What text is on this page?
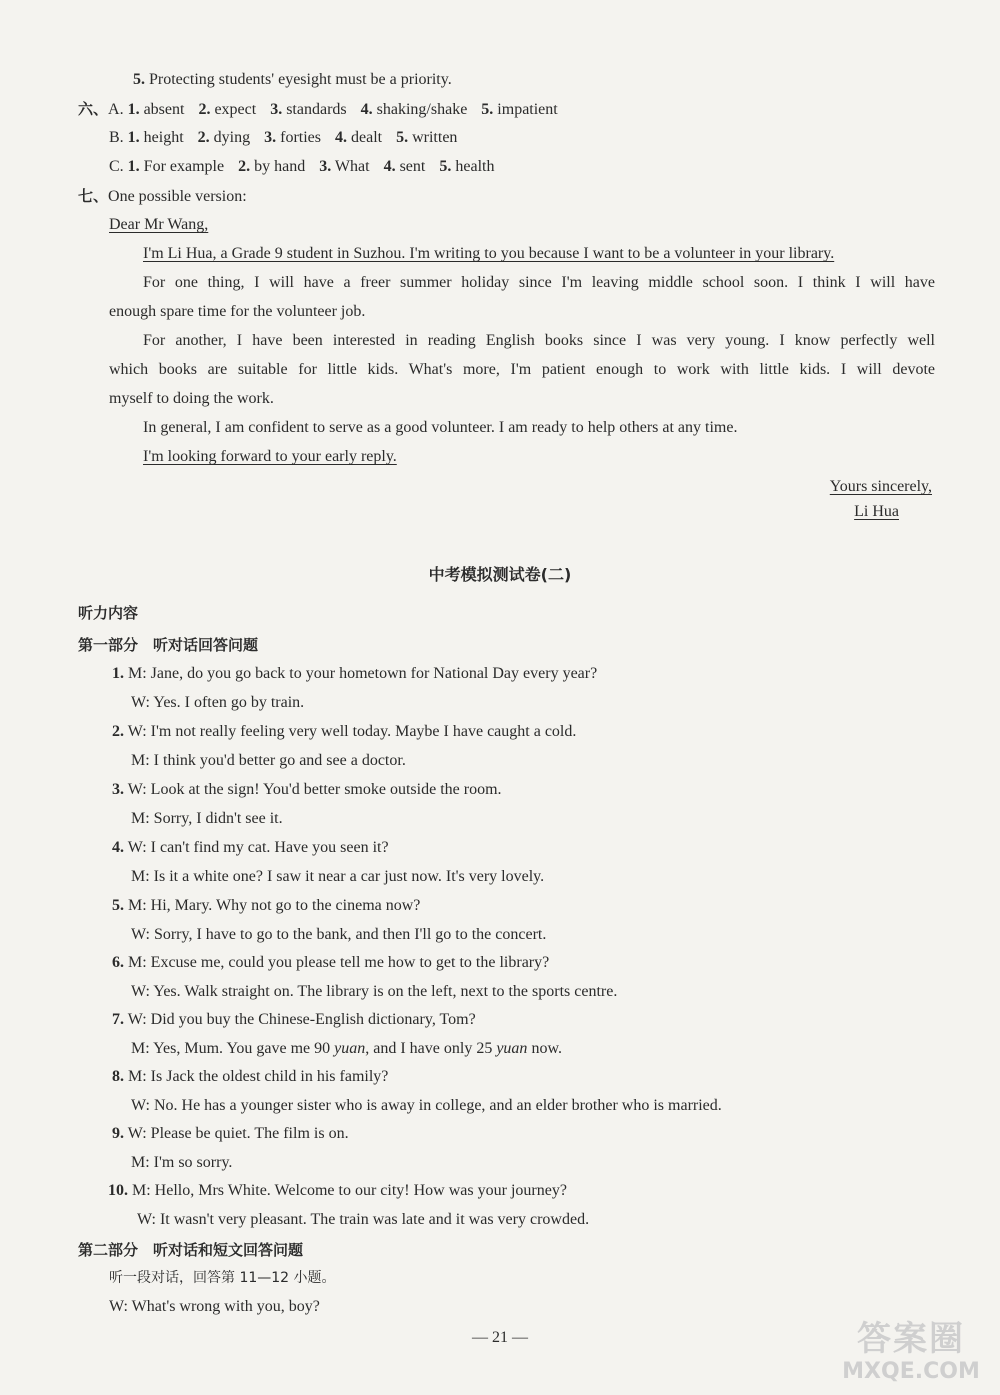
5. Protecting students' eyesight must be a priority.
六、A. 1. absent 2. expect 3. standards 4. shaking/shake 5. impatient
B. 1. height 2. dying 3. forties 4. dealt 5. written
C. 1. For example 2. by hand 3. What 4. sent 5. health
七、One possible version:
Dear Mr Wang,
I'm Li Hua, a Grade 9 student in Suzhou. I'm writing to you because I want to be a volunteer in your library.
For one thing, I will have a freer summer holiday since I'm leaving middle school soon. I think I will have
enough spare time for the volunteer job.
For another, I have been interested in reading English books since I was very young. I know perfectly well
which books are suitable for little kids. What's more, I'm patient enough to work with little kids. I will devote
myself to doing the work.
In general, I am confident to serve as a good volunteer. I am ready to help others at any time.
I'm looking forward to your early reply.
Yours sincerely,
Li Hua
中考模拟测试卷(二)
听力内容
第一部分　听对话回答问题
1. M: Jane, do you go back to your hometown for National Day every year?
W: Yes. I often go by train.
2. W: I'm not really feeling very well today. Maybe I have caught a cold.
M: I think you'd better go and see a doctor.
3. W: Look at the sign! You'd better smoke outside the room.
M: Sorry, I didn't see it.
4. W: I can't find my cat. Have you seen it?
M: Is it a white one? I saw it near a car just now. It's very lovely.
5. M: Hi, Mary. Why not go to the cinema now?
W: Sorry, I have to go to the bank, and then I'll go to the concert.
6. M: Excuse me, could you please tell me how to get to the library?
W: Yes. Walk straight on. The library is on the left, next to the sports centre.
7. W: Did you buy the Chinese-English dictionary, Tom?
M: Yes, Mum. You gave me 90 yuan, and I have only 25 yuan now.
8. M: Is Jack the oldest child in his family?
W: No. He has a younger sister who is away in college, and an elder brother who is married.
9. W: Please be quiet. The film is on.
M: I'm so sorry.
10. M: Hello, Mrs White. Welcome to our city! How was your journey?
W: It wasn't very pleasant. The train was late and it was very crowded.
第二部分　听对话和短文回答问题
听一段对话，回答第 11—12 小题。
W: What's wrong with you, boy?
— 21 —	答案圈
MXQE.COM
